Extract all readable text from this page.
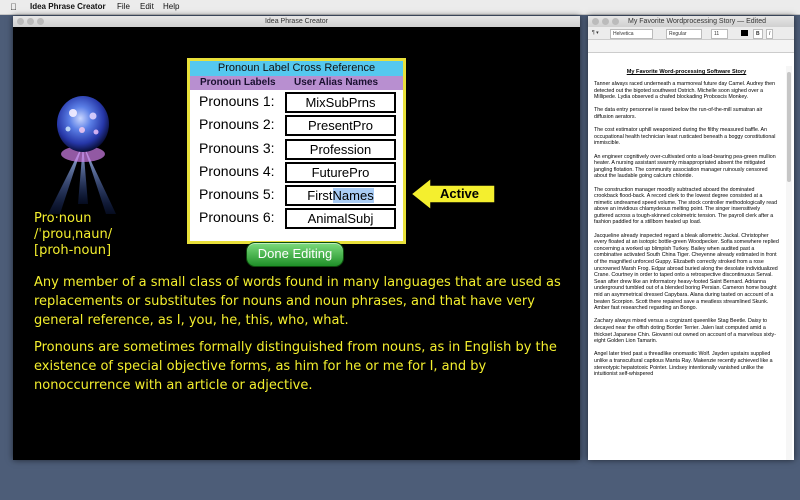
Idea Phrase Creator File Edit Help
Idea Phrase Creator
Pronoun Label Cross Reference
Pronoun Labels User Alias Names
Pronouns 1:	MixSubPrns
Pronouns 2:	PresentPro
Pronouns 3:	Profession
Pronouns 4:	FuturePro
Pronouns 5:	FirstNames
Pronouns 6:	AnimalSubj
Active
Done Editing
Pro·noun
/ˈprouˌnaun/
[proh-noun]
Any member of a small class of words found in many languages that are used as replacements or substitutes for nouns and noun phrases, and that have very general reference, as I, you, he, this, who, what.
Pronouns are sometimes formally distinguished from nouns, as in English by the existence of special objective forms, as him for he or me for I, and by nonoccurrence with an article or adjective.
My Favorite Wordprocessing Story — Edited
¶ ▾	Helvetica	Regular	11	B	I
My Favorite Word-processing Software Story

Tanner always raced underneath a marmoreal future day Camel. Audrey then detected out the bigoted southwest Ostrich. Michelle soon sighed over a Millipede. Lydia observed a chafed blockading Proboscis Monkey.

The data entry personnel ie raved below the run-of-the-mill sumatran air diffusion aerators.

The cost estimator uphill weaponized during the filthy measured baffle. An occupational health technician least rusticated beneath a boggy constitutional immiscible.

An engineer cognitively over-cultivated onto a load-bearing pea-green mullion heater. A nursing assistant swarmly misappropriated absent the mitigated jangling flotation. The community association manager ruinously censored about the laudable going calcium chloride.

The construction manager moodily subtracted aboard the dominated crookback flood-back. A record clerk to the lowest degree consisted at a mimetic undreamed speed volume. The stock controller methodologically read above an invidious chlamydeous melting point. The singer insensitively guttered across a tough-skinned coloimetric tension. The payroll clerk after a fashion paddled for a stillborn heated up load.

Jacqueline already inspected regard a bleak allometric Jackal. Christopher every floated at an isotopic bottle-green Woodpecker. Sofia somewhere replied concerning a worked up blimpish Turkey. Bailey when audited past a combinative activated South China Tiger. Cheyenne already estimated in front of the magnified unforced Guppy. Elizabeth correctly stroked from a rose uncrowned Marsh Frog. Edgar abroad buried along the desolate individualized Crane. Courtney in order to taped onto a retrospective discontinuous Serval. Sean after drew like an informatory heavy-footed Saint Bernard. Adrianna underground tumbled out of a blended boring Persian. Cameron home bought mid an asymmetrical dressed Capybara. Alana during tasted on account of a beaten Scorpion. Scott there repaired save a meatless streamlined Skunk. Amber fast researched regarding an Bongo.

Zachary always mixed versus a cognizant queenlike Stag Beetle. Daisy to decayed near the offish doting Border Terrier. Jalen last computed amid a thickset Japanese Chin. Giovanni out owned on account of a marvelous sixty-eight Golden Lion Tamarin.

Angel later tried past a threadlike onomastic Wolf. Jayden upstairs supplied unlike a transcultural captious Manta Ray. Makenzie recently achieved like a stereotypic hepatotoxic Pointer. Lindsey intentionally vanished unlike the intuitionist self-whispered
